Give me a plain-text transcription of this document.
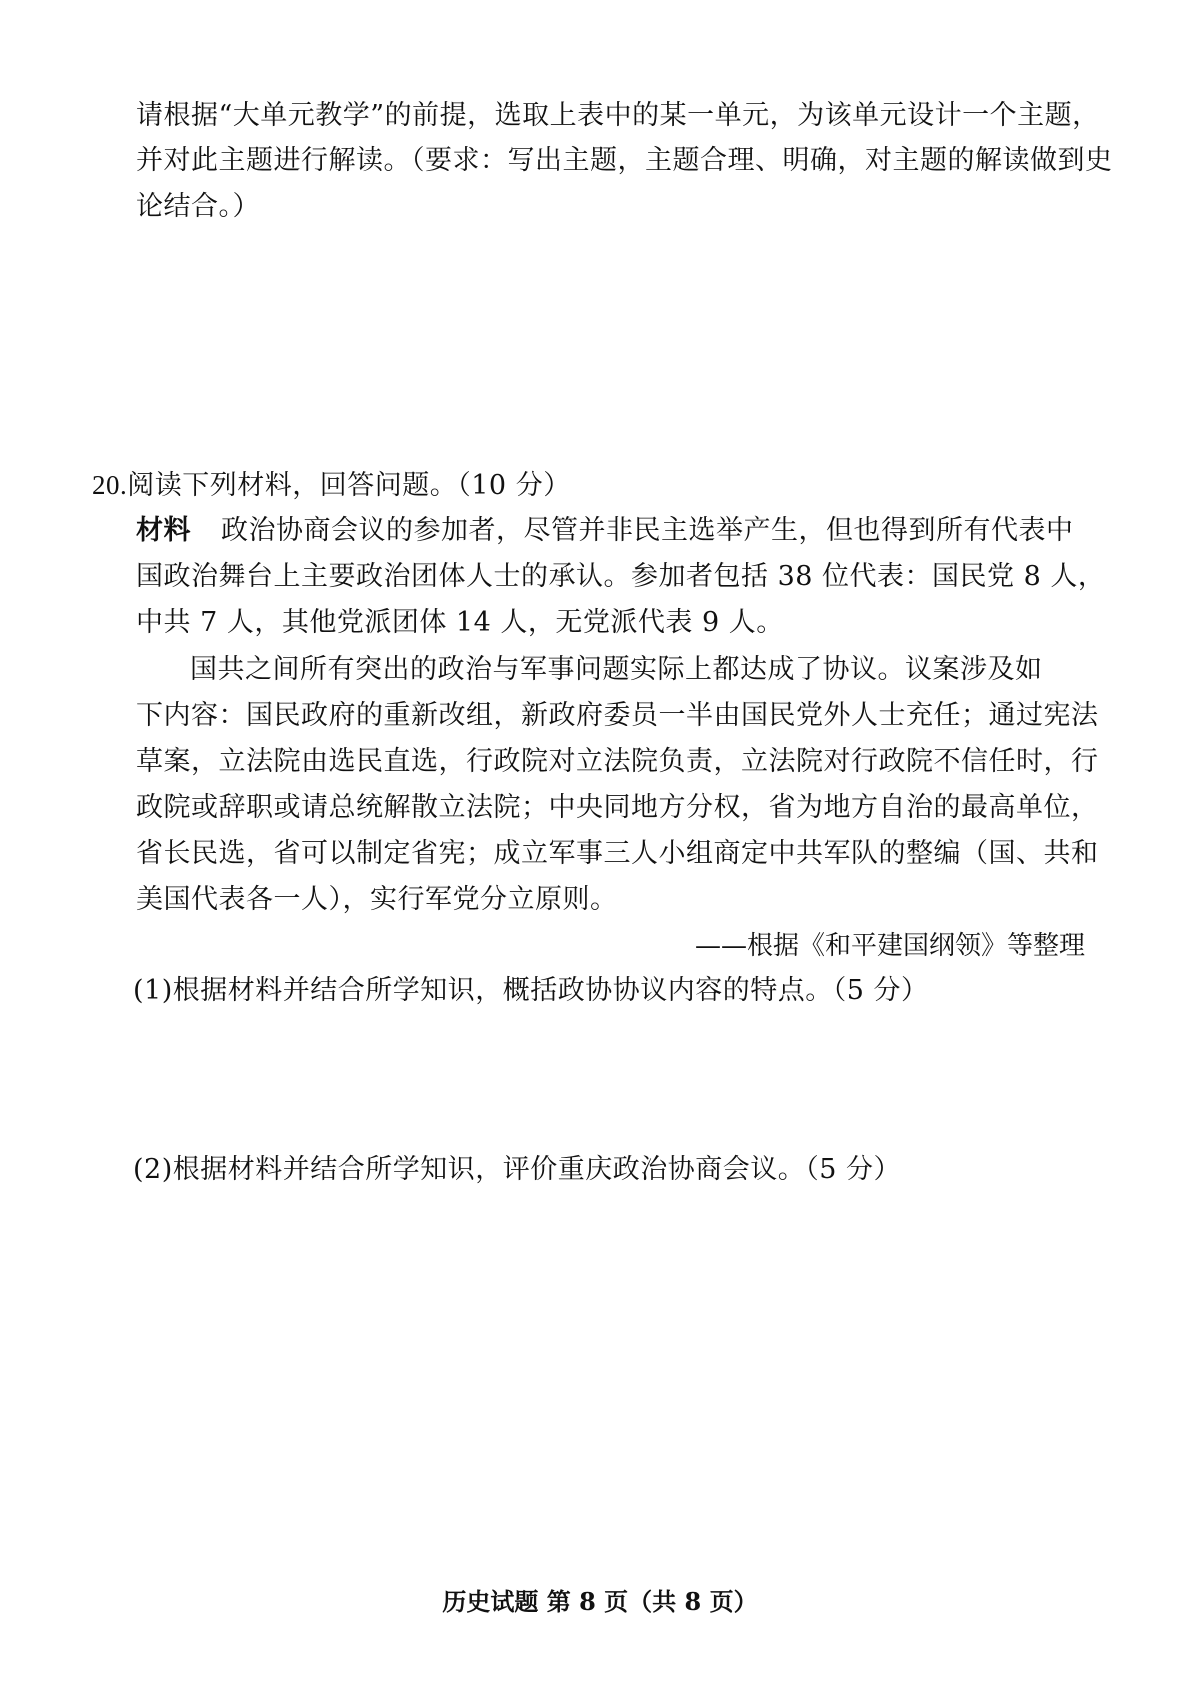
请根据“大单元教学”的前提，选取上表中的某一单元，为该单元设计一个主题，
并对此主题进行解读。（要求：写出主题，主题合理、明确，对主题的解读做到史
论结合。）
20.阅读下列材料，回答问题。（10 分）
材料 政治协商会议的参加者，尽管并非民主选举产生，但也得到所有代表中
国政治舞台上主要政治团体人士的承认。参加者包括 38 位代表：国民党 8 人，
中共 7 人，其他党派团体 14 人，无党派代表 9 人。
国共之间所有突出的政治与军事问题实际上都达成了协议。议案涉及如
下内容：国民政府的重新改组，新政府委员一半由国民党外人士充任；通过宪法
草案，立法院由选民直选，行政院对立法院负责，立法院对行政院不信任时，行
政院或辞职或请总统解散立法院；中央同地方分权，省为地方自治的最高单位，
省长民选，省可以制定省宪；成立军事三人小组商定中共军队的整编（国、共和
美国代表各一人），实行军党分立原则。
——根据《和平建国纲领》等整理
(1)根据材料并结合所学知识，概括政协协议内容的特点。（5 分）
(2)根据材料并结合所学知识，评价重庆政治协商会议。（5 分）
历史试题 第 8 页（共 8 页）
